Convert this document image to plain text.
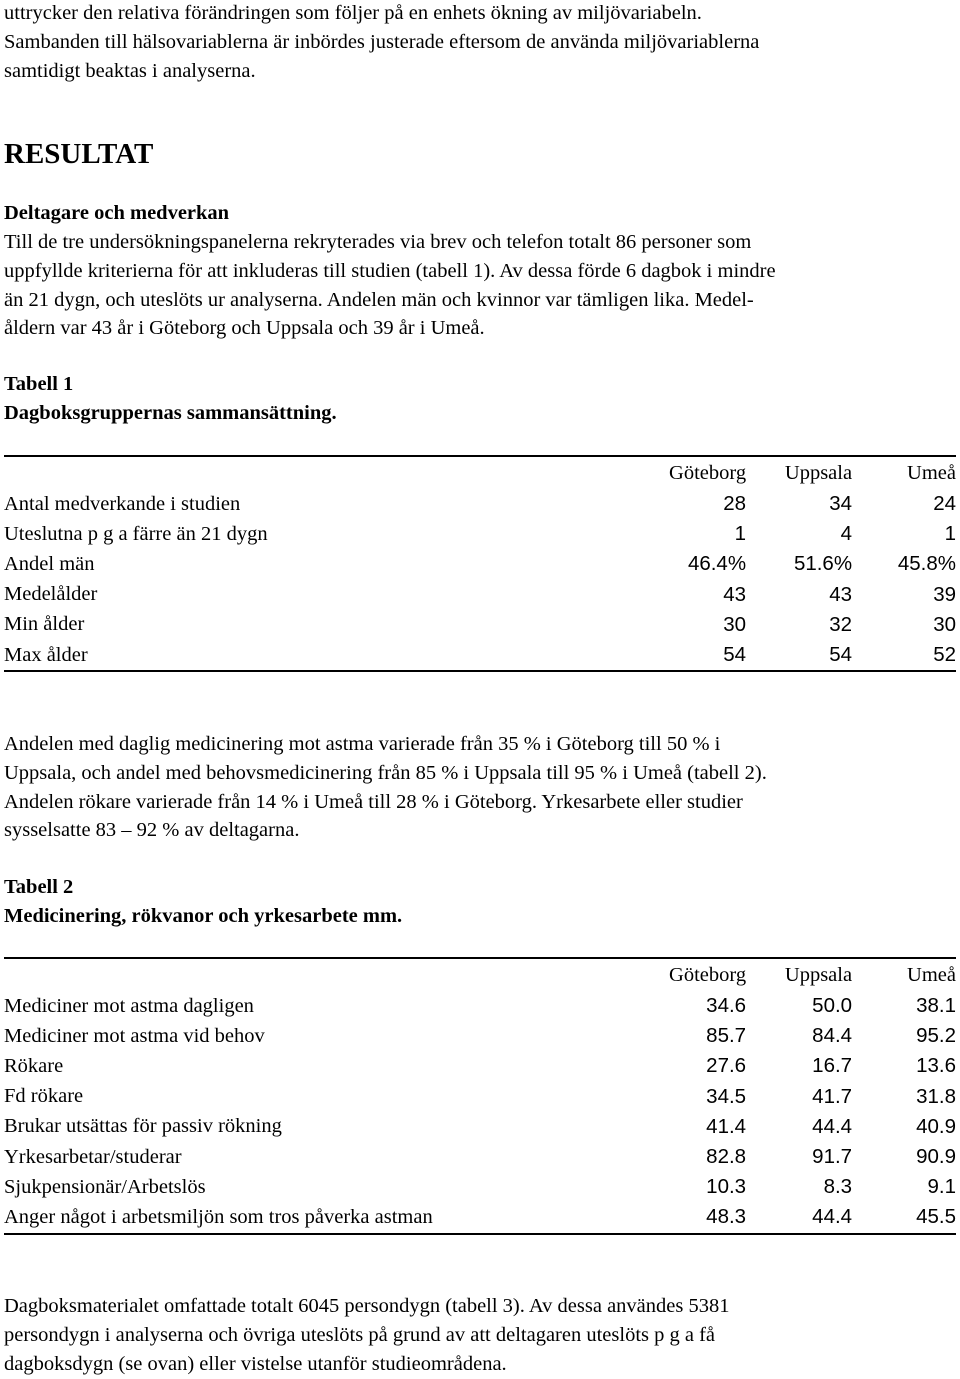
uttrycker den relativa förändringen som följer på en enhets ökning av miljövariabeln.

Sambanden till hälsovariablerna är inbördes justerade eftersom de använda miljövariablerna

samtidigt beaktas i analyserna.

RESULTAT
Deltagare och medverkan

Till de tre undersökningspanelerna rekryterades via brev och telefon totalt 86 personer som

uppfyllde kriterierna för att inkluderas till studien (tabell 1). Av dessa förde 6 dagbok i mindre

än 21 dygn, och uteslöts ur analyserna. Andelen män och kvinnor var tämligen lika. Medel-

åldern var 43 år i Göteborg och Uppsala och 39 år i Umeå.

Tabell 1

Dagboksgruppernas sammansättning.

	Göteborg	Uppsala	Umeå
Antal medverkande i studien	28	34	24
Uteslutna p g a färre än 21 dygn	1	4	1
Andel män	46.4%	51.6%	45.8%
Medelålder	43	43	39
Min ålder	30	32	30
Max ålder	54	54	52

Andelen med daglig medicinering mot astma varierade från 35 % i Göteborg till 50 % i

Uppsala, och andel med behovsmedicinering från 85 % i Uppsala till 95 % i Umeå (tabell 2).

Andelen rökare varierade från 14 % i Umeå till 28 % i Göteborg. Yrkesarbete eller studier

sysselsatte 83 – 92 % av deltagarna.

Tabell 2

Medicinering, rökvanor och yrkesarbete mm.

	Göteborg	Uppsala	Umeå
Mediciner mot astma dagligen	34.6	50.0	38.1
Mediciner mot astma vid behov	85.7	84.4	95.2
Rökare	27.6	16.7	13.6
Fd rökare	34.5	41.7	31.8
Brukar utsättas för passiv rökning	41.4	44.4	40.9
Yrkesarbetar/studerar	82.8	91.7	90.9
Sjukpensionär/Arbetslös	10.3	8.3	9.1
Anger något i arbetsmiljön som tros påverka astman	48.3	44.4	45.5

Dagboksmaterialet omfattade totalt 6045 persondygn (tabell 3). Av dessa användes 5381

persondygn i analyserna och övriga uteslöts på grund av att deltagaren uteslöts p g a få

dagboksdygn (se ovan) eller vistelse utanför studieområdena.
